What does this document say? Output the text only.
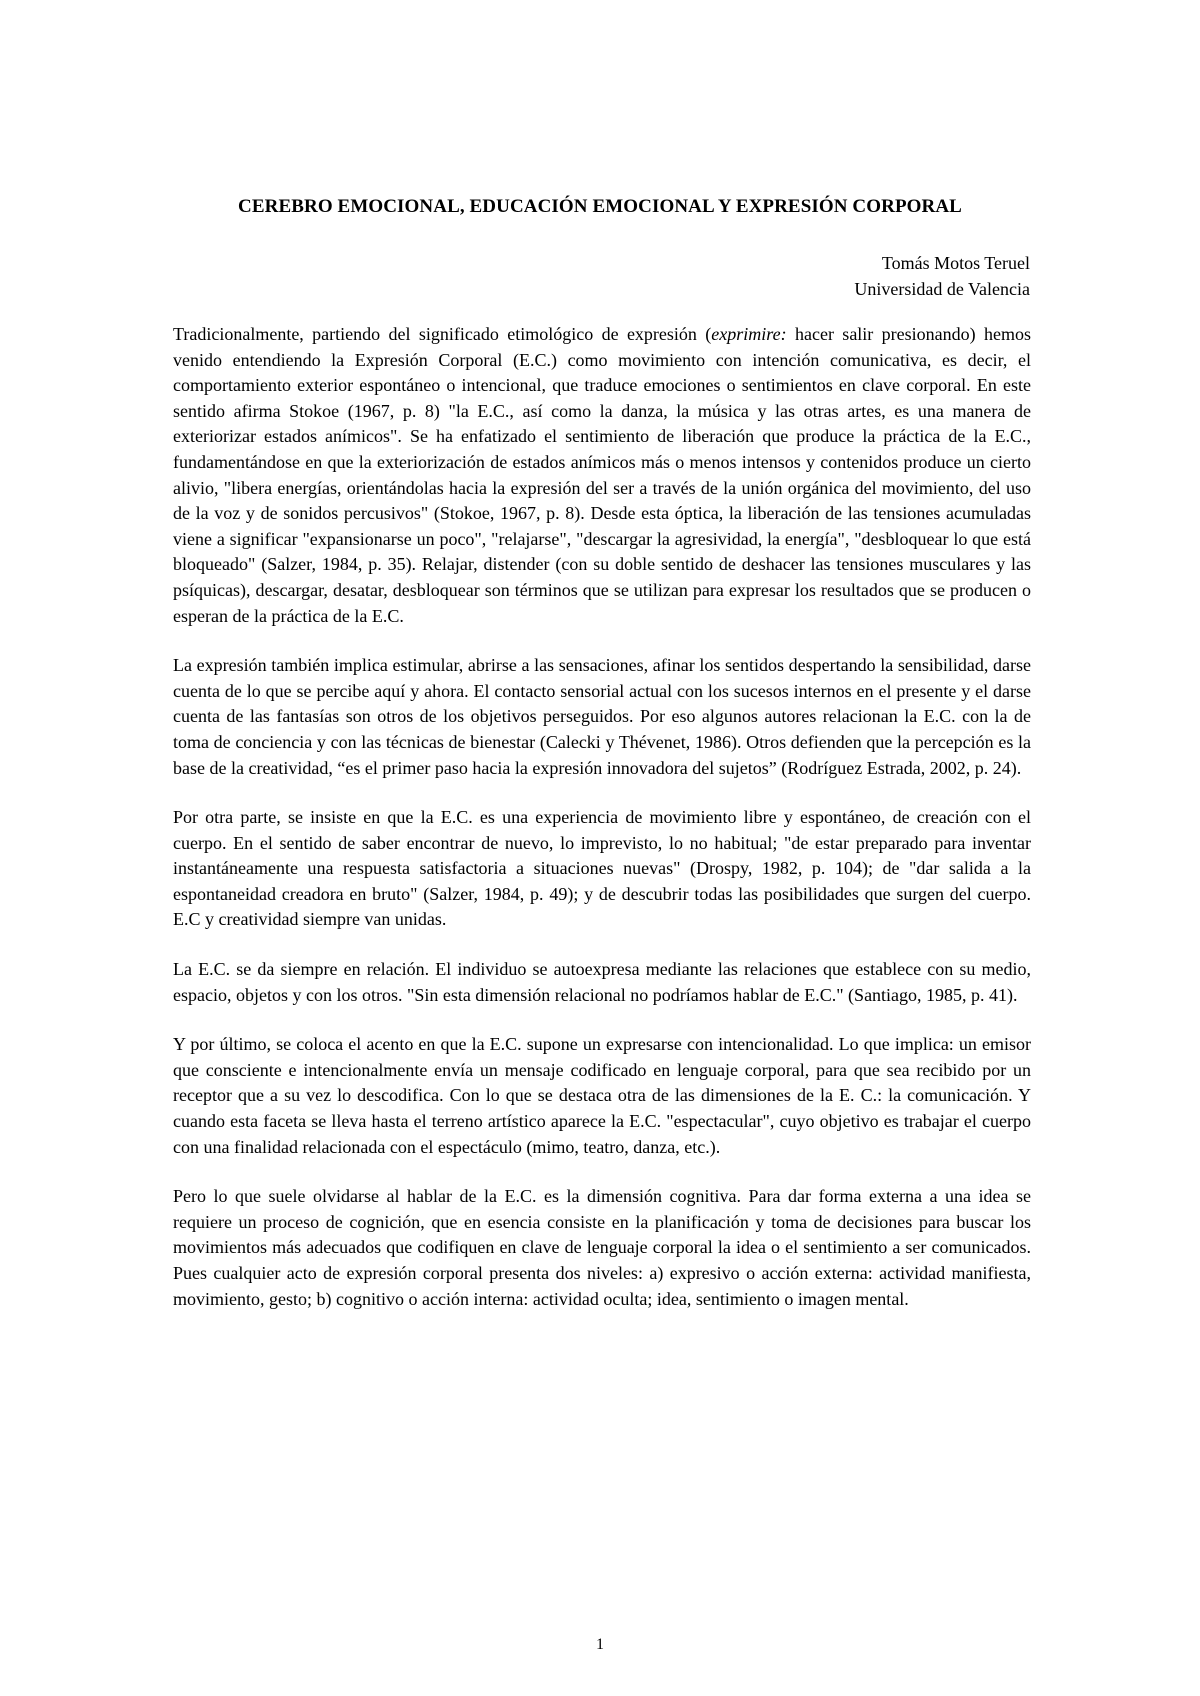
CEREBRO EMOCIONAL, EDUCACIÓN EMOCIONAL Y EXPRESIÓN CORPORAL
Tomás Motos Teruel
Universidad de Valencia

Tradicionalmente, partiendo del significado etimológico de expresión (exprimire: hacer salir presionando) hemos venido entendiendo la Expresión Corporal (E.C.) como movimiento con intención comunicativa, es decir, el comportamiento exterior espontáneo o intencional, que traduce emociones o sentimientos en clave corporal. En este sentido afirma Stokoe (1967, p. 8) "la E.C., así como la danza, la música y las otras artes, es una manera de exteriorizar estados anímicos". Se ha enfatizado el sentimiento de liberación que produce la práctica de la E.C., fundamentándose en que la exteriorización de estados anímicos más o menos intensos y contenidos produce un cierto alivio, "libera energías, orientándolas hacia la expresión del ser a través de la unión orgánica del movimiento, del uso de la voz y de sonidos percusivos" (Stokoe, 1967, p. 8). Desde esta óptica, la liberación de las tensiones acumuladas viene a significar "expansionarse un poco", "relajarse", "descargar la agresividad, la energía", "desbloquear lo que está bloqueado" (Salzer, 1984, p. 35). Relajar, distender (con su doble sentido de deshacer las tensiones musculares y las psíquicas), descargar, desatar, desbloquear son términos que se utilizan para expresar los resultados que se producen o esperan de la práctica de la E.C.

La expresión también implica estimular, abrirse a las sensaciones, afinar los sentidos despertando la sensibilidad, darse cuenta de lo que se percibe aquí y ahora. El contacto sensorial actual con los sucesos internos en el presente y el darse cuenta de las fantasías son otros de los objetivos perseguidos. Por eso algunos autores relacionan la E.C. con la de toma de conciencia y con las técnicas de bienestar (Calecki y Thévenet, 1986). Otros defienden que la percepción es la base de la creatividad, “es el primer paso hacia la expresión innovadora del sujetos” (Rodríguez Estrada, 2002, p. 24).

Por otra parte, se insiste en que la E.C. es una experiencia de movimiento libre y espontáneo, de creación con el cuerpo. En el sentido de saber encontrar de nuevo, lo imprevisto, lo no habitual; "de estar preparado para inventar instantáneamente una respuesta satisfactoria a situaciones nuevas" (Drospy, 1982, p. 104); de "dar salida a la espontaneidad creadora en bruto" (Salzer, 1984, p. 49); y de descubrir todas las posibilidades que surgen del cuerpo. E.C y creatividad siempre van unidas.

La E.C. se da siempre en relación. El individuo se autoexpresa mediante las relaciones que establece con su medio, espacio, objetos y con los otros. "Sin esta dimensión relacional no podríamos hablar de E.C." (Santiago, 1985, p. 41).

Y por último, se coloca el acento en que la E.C. supone un expresarse con intencionalidad. Lo que implica: un emisor que consciente e intencionalmente envía un mensaje codificado en lenguaje corporal, para que sea recibido por un receptor que a su vez lo descodifica. Con lo que se destaca otra de las dimensiones de la E. C.: la comunicación. Y cuando esta faceta se lleva hasta el terreno artístico aparece la E.C. "espectacular", cuyo objetivo es trabajar el cuerpo con una finalidad relacionada con el espectáculo (mimo, teatro, danza, etc.).

Pero lo que suele olvidarse al hablar de la E.C. es la dimensión cognitiva. Para dar forma externa a una idea se requiere un proceso de cognición, que en esencia consiste en la planificación y toma de decisiones para buscar los movimientos más adecuados que codifiquen en clave de lenguaje corporal la idea o el sentimiento a ser comunicados. Pues cualquier acto de expresión corporal presenta dos niveles: a) expresivo o acción externa: actividad manifiesta, movimiento, gesto; b) cognitivo o acción interna: actividad oculta; idea, sentimiento o imagen mental.

1
